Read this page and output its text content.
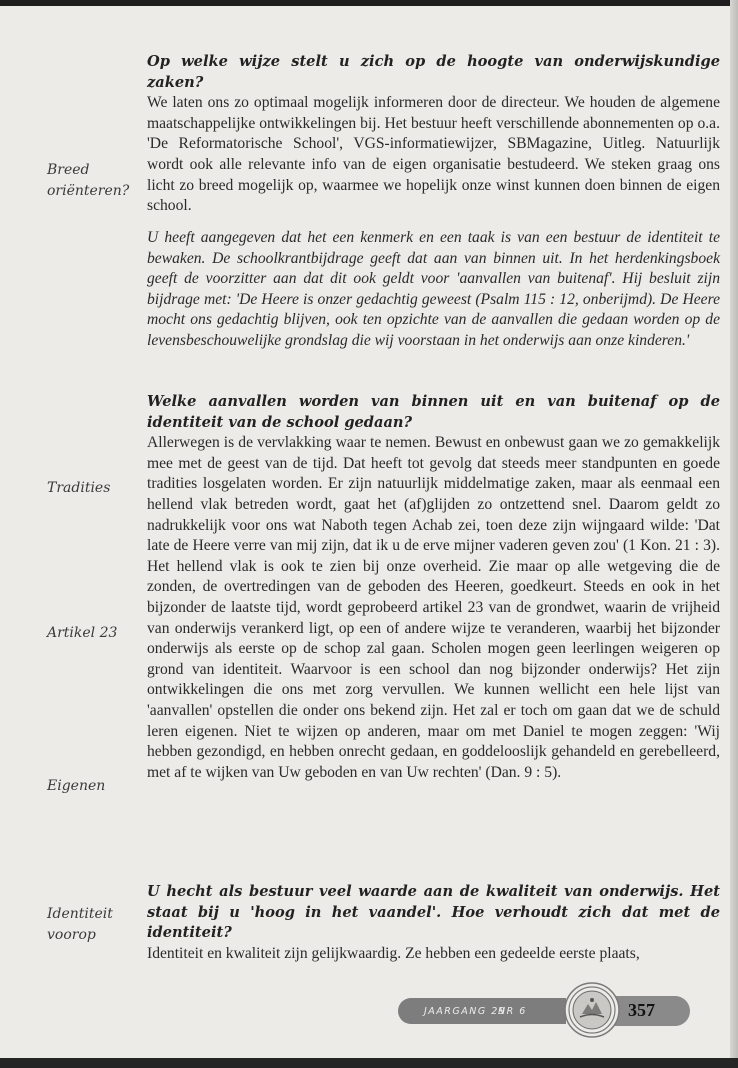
Breed
oriënteren?
Tradities
Artikel 23
Eigenen
Identiteit
voorop

Op welke wijze stelt u zich op de hoogte van onderwijskundige zaken?

We laten ons zo optimaal mogelijk informeren door de directeur. We houden de algemene maatschappelijke ontwikkelingen bij. Het bestuur heeft verschillende abonnementen op o.a. 'De Reformatorische School', VGS-informatiewijzer, SBMagazine, Uitleg. Natuurlijk wordt ook alle relevante info van de eigen organisatie bestudeerd. We steken graag ons licht zo breed mogelijk op, waarmee we hopelijk onze winst kunnen doen binnen de eigen school.

U heeft aangegeven dat het een kenmerk en een taak is van een bestuur de identiteit te bewaken. De schoolkrantbijdrage geeft dat aan van binnen uit. In het herdenkingsboek geeft de voorzitter aan dat dit ook geldt voor 'aanvallen van buitenaf'. Hij besluit zijn bijdrage met: 'De Heere is onzer gedachtig geweest (Psalm 115 : 12, onberijmd). De Heere mocht ons gedachtig blijven, ook ten opzichte van de aanvallen die gedaan worden op de levensbeschouwelijke grondslag die wij voorstaan in het onderwijs aan onze kinderen.'

Welke aanvallen worden van binnen uit en van buitenaf op de identiteit van de school gedaan?

Allerwegen is de vervlakking waar te nemen. Bewust en onbewust gaan we zo gemakkelijk mee met de geest van de tijd. Dat heeft tot gevolg dat steeds meer standpunten en goede tradities losgelaten worden. Er zijn natuurlijk middelmatige zaken, maar als eenmaal een hellend vlak betreden wordt, gaat het (af)glijden zo ontzettend snel. Daarom geldt zo nadrukkelijk voor ons wat Naboth tegen Achab zei, toen deze zijn wijngaard wilde: 'Dat late de Heere verre van mij zijn, dat ik u de erve mijner vaderen geven zou' (1 Kon. 21 : 3). Het hellend vlak is ook te zien bij onze overheid. Zie maar op alle wetgeving die de zonden, de overtredingen van de geboden des Heeren, goedkeurt. Steeds en ook in het bijzonder de laatste tijd, wordt geprobeerd artikel 23 van de grondwet, waarin de vrijheid van onderwijs verankerd ligt, op een of andere wijze te veranderen, waarbij het bijzonder onderwijs als eerste op de schop zal gaan. Scholen mogen geen leerlingen weigeren op grond van identiteit. Waarvoor is een school dan nog bijzonder onderwijs? Het zijn ontwikkelingen die ons met zorg vervullen. We kunnen wellicht een hele lijst van 'aanvallen' opstellen die onder ons bekend zijn. Het zal er toch om gaan dat we de schuld leren eigenen. Niet te wijzen op anderen, maar om met Daniel te mogen zeggen: 'Wij hebben gezondigd, en hebben onrecht gedaan, en goddelooslijk gehandeld en gerebelleerd, met af te wijken van Uw geboden en van Uw rechten' (Dan. 9 : 5).

U hecht als bestuur veel waarde aan de kwaliteit van onderwijs. Het staat bij u 'hoog in het vaandel'. Hoe verhoudt zich dat met de identiteit?

Identiteit en kwaliteit zijn gelijkwaardig. Ze hebben een gedeelde eerste plaats,

JAARGANG 29
NR 6	357
